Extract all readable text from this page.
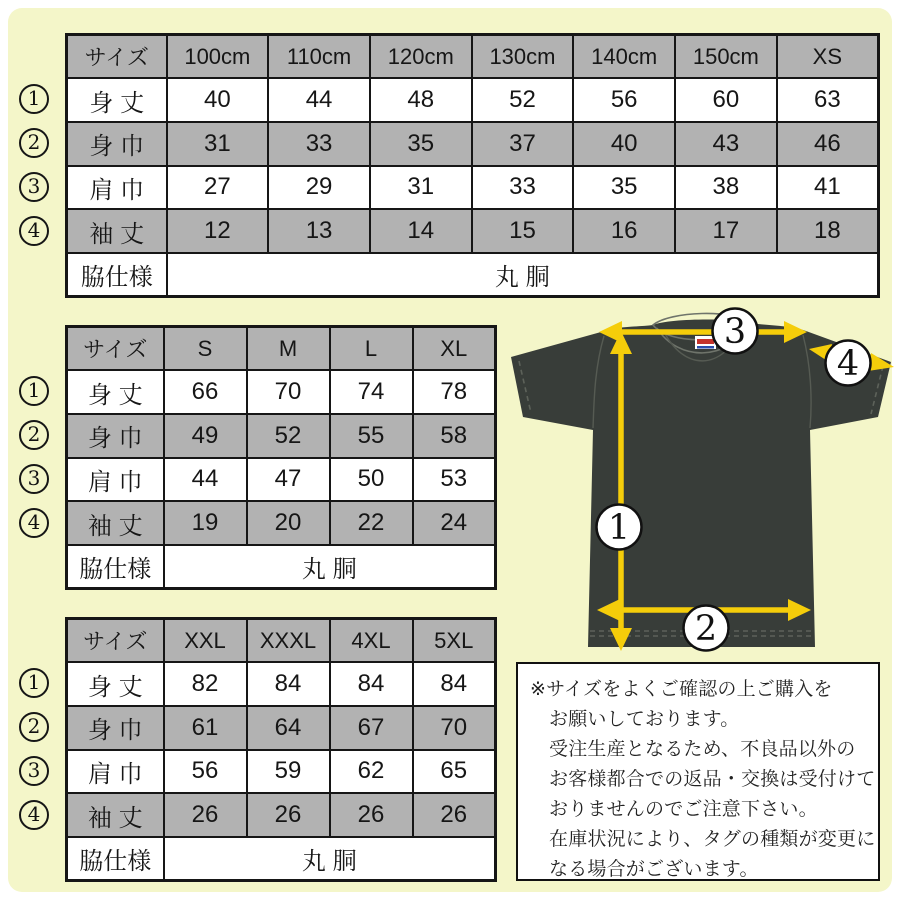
サイズ	100cm	110cm	120cm	130cm	140cm	150cm	XS
身 丈	40	44	48	52	56	60	63
身 巾	31	33	35	37	40	43	46
肩 巾	27	29	31	33	35	38	41
袖 丈	12	13	14	15	16	17	18
脇仕様	丸 胴						
1
2
3
4
サイズ	S	M	L	XL
身 丈	66	70	74	78
身 巾	49	52	55	58
肩 巾	44	47	50	53
袖 丈	19	20	22	24
脇仕様	丸 胴			
1
2
3
4
サイズ	XXL	XXXL	4XL	5XL
身 丈	82	84	84	84
身 巾	61	64	67	70
肩 巾	56	59	62	65
袖 丈	26	26	26	26
脇仕様	丸 胴			
1
2
3
4
3
4
1
2
※サイズをよくご確認の上ご購入を
お願いしております。
受注生産となるため、不良品以外の
お客様都合での返品・交換は受付けて
おりませんのでご注意下さい。
在庫状況により、タグの種類が変更に
なる場合がございます。
